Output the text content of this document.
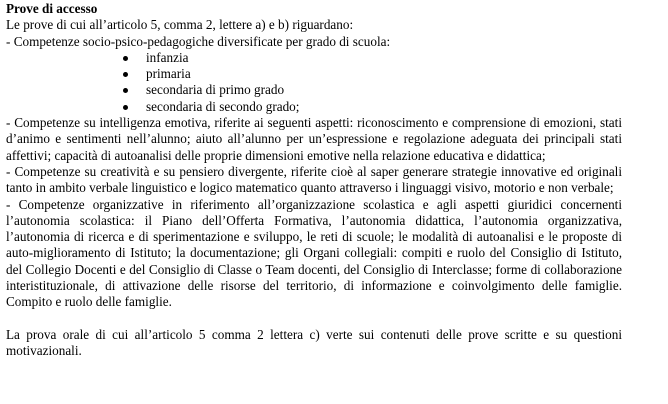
Prove di accesso

Le prove di cui all’articolo 5, comma 2, lettere a) e b) riguardano:

- Competenze socio-psico-pedagogiche diversificate per grado di scuola:

infanzia
primaria
secondaria di primo grado
secondaria di secondo grado;

- Competenze su intelligenza emotiva, riferite ai seguenti aspetti: riconoscimento e comprensione di emozioni, stati d’animo e sentimenti nell’alunno; aiuto all’alunno per un’espressione e regolazione adeguata dei principali stati affettivi; capacità di autoanalisi delle proprie dimensioni emotive nella relazione educativa e didattica;

- Competenze su creatività e su pensiero divergente, riferite cioè al saper generare strategie innovative ed originali tanto in ambito verbale linguistico e logico matematico quanto attraverso i linguaggi visivo, motorio e non verbale;

- Competenze organizzative in riferimento all’organizzazione scolastica e agli aspetti giuridici concernenti l’autonomia scolastica: il Piano dell’Offerta Formativa, l’autonomia didattica, l’autonomia organizzativa, l’autonomia di ricerca e di sperimentazione e sviluppo, le reti di scuole; le modalità di autoanalisi e le proposte di auto-miglioramento di Istituto; la documentazione; gli Organi collegiali: compiti e ruolo del Consiglio di Istituto, del Collegio Docenti e del Consiglio di Classe o Team docenti, del Consiglio di Interclasse; forme di collaborazione interistituzionale, di attivazione delle risorse del territorio, di informazione e coinvolgimento delle famiglie. Compito e ruolo delle famiglie.

La prova orale di cui all’articolo 5 comma 2 lettera c) verte sui contenuti delle prove scritte e su questioni motivazionali.
